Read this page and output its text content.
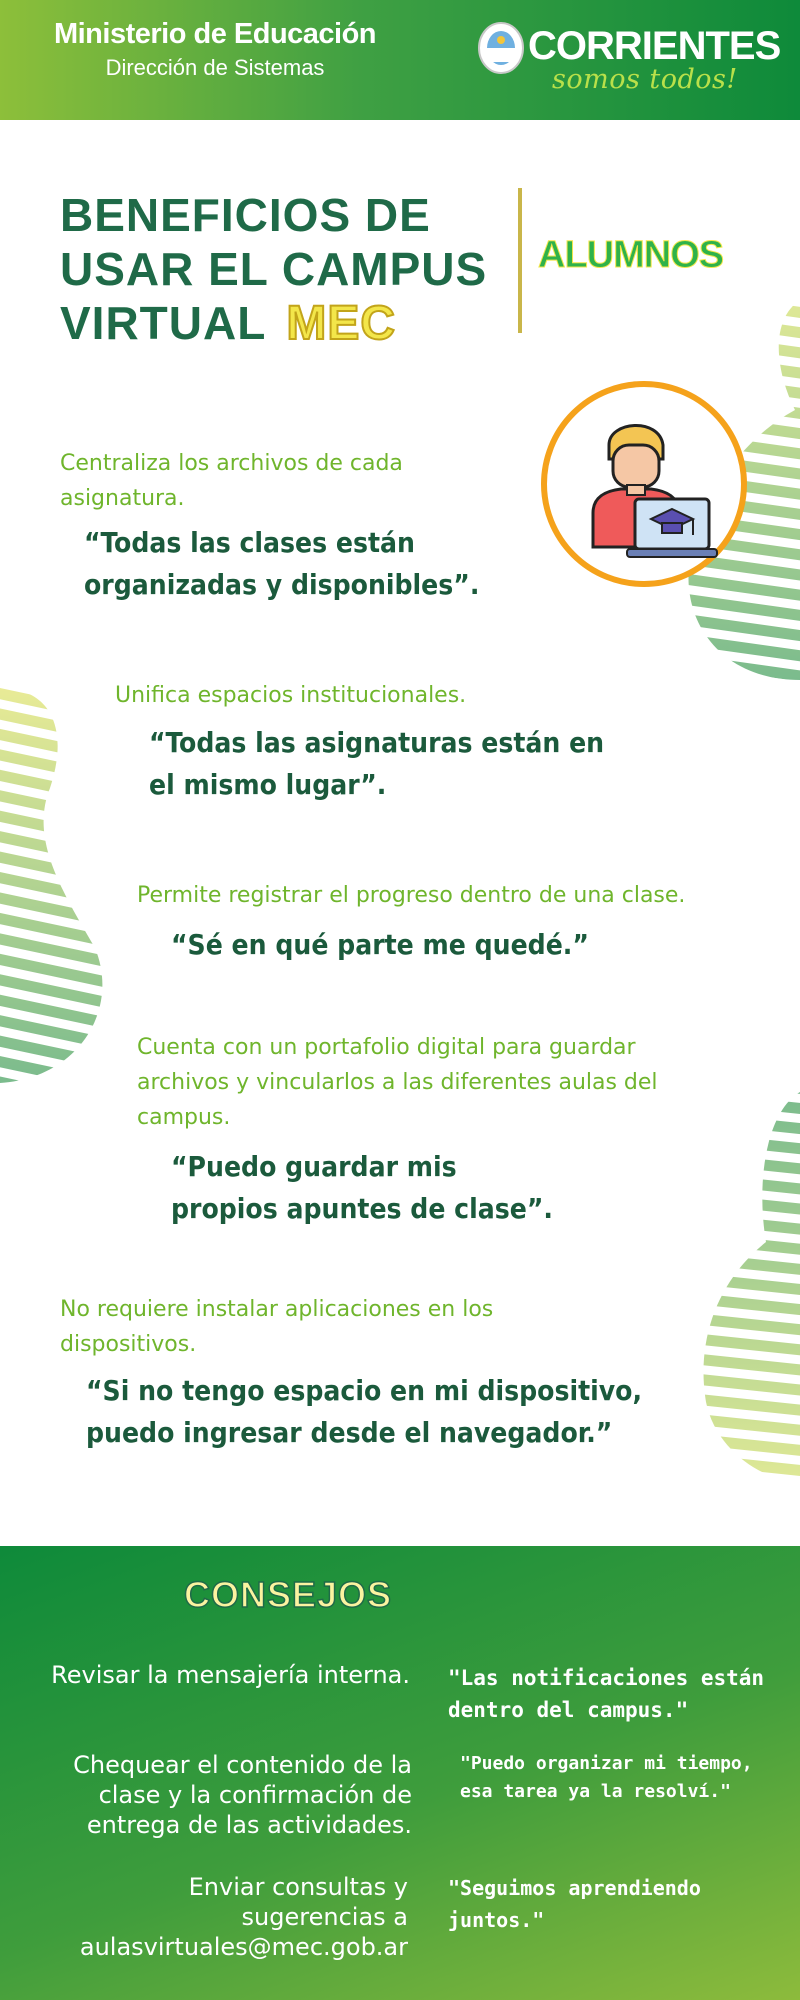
Ministerio de Educación
Dirección de Sistemas	CORRIENTES
somos todos!
BENEFICIOS DE
USAR EL CAMPUS
VIRTUAL MEC
ALUMNOS
Centraliza los archivos de cada asignatura.
“Todas las clases están organizadas y disponibles”.
Unifica espacios institucionales.
“Todas las asignaturas están en el mismo lugar”.
Permite registrar el progreso dentro de una clase.
“Sé en qué parte me quedé.”
Cuenta con un portafolio digital para guardar archivos y vincularlos a las diferentes aulas del campus.
“Puedo guardar mis propios apuntes de clase”.
No requiere instalar aplicaciones en los dispositivos.
“Si no tengo espacio en mi dispositivo, puedo ingresar desde el navegador.”
CONSEJOS
Revisar la mensajería interna. "Las notificaciones están dentro del campus."
Chequear el contenido de la clase y la confirmación de entrega de las actividades.
"Puedo organizar mi tiempo, esa tarea ya la resolví."
Enviar consultas y sugerencias a aulasvirtuales@mec.gob.ar
"Seguimos aprendiendo juntos."
